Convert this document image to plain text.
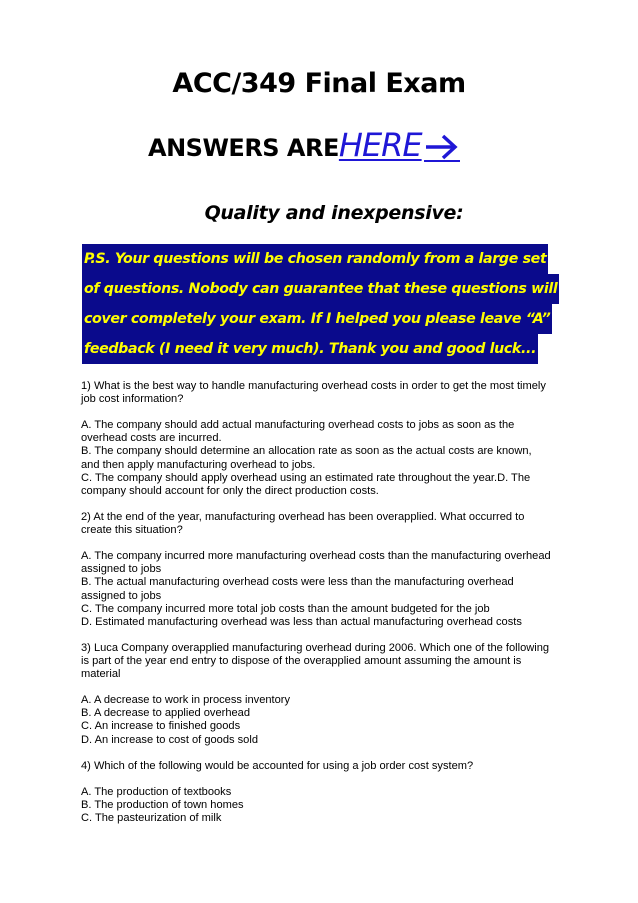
ACC/349 Final Exam
ANSWERS AREHERE
Quality and inexpensive:
P.S. Your questions will be chosen randomly from a large set
of questions. Nobody can guarantee that these questions will
cover completely your exam. If I helped you please leave “A”
feedback (I need it very much). Thank you and good luck...
1) What is the best way to handle manufacturing overhead costs in order to get the most timely
job cost information?
A. The company should add actual manufacturing overhead costs to jobs as soon as the
overhead costs are incurred.
B. The company should determine an allocation rate as soon as the actual costs are known,
and then apply manufacturing overhead to jobs.
C. The company should apply overhead using an estimated rate throughout the year.D. The
company should account for only the direct production costs.
2) At the end of the year, manufacturing overhead has been overapplied. What occurred to
create this situation?
A. The company incurred more manufacturing overhead costs than the manufacturing overhead
assigned to jobs
B. The actual manufacturing overhead costs were less than the manufacturing overhead
assigned to jobs
C. The company incurred more total job costs than the amount budgeted for the job
D. Estimated manufacturing overhead was less than actual manufacturing overhead costs
3) Luca Company overapplied manufacturing overhead during 2006. Which one of the following
is part of the year end entry to dispose of the overapplied amount assuming the amount is
material
A. A decrease to work in process inventory
B. A decrease to applied overhead
C. An increase to finished goods
D. An increase to cost of goods sold
4) Which of the following would be accounted for using a job order cost system?
A. The production of textbooks
B. The production of town homes
C. The pasteurization of milk
